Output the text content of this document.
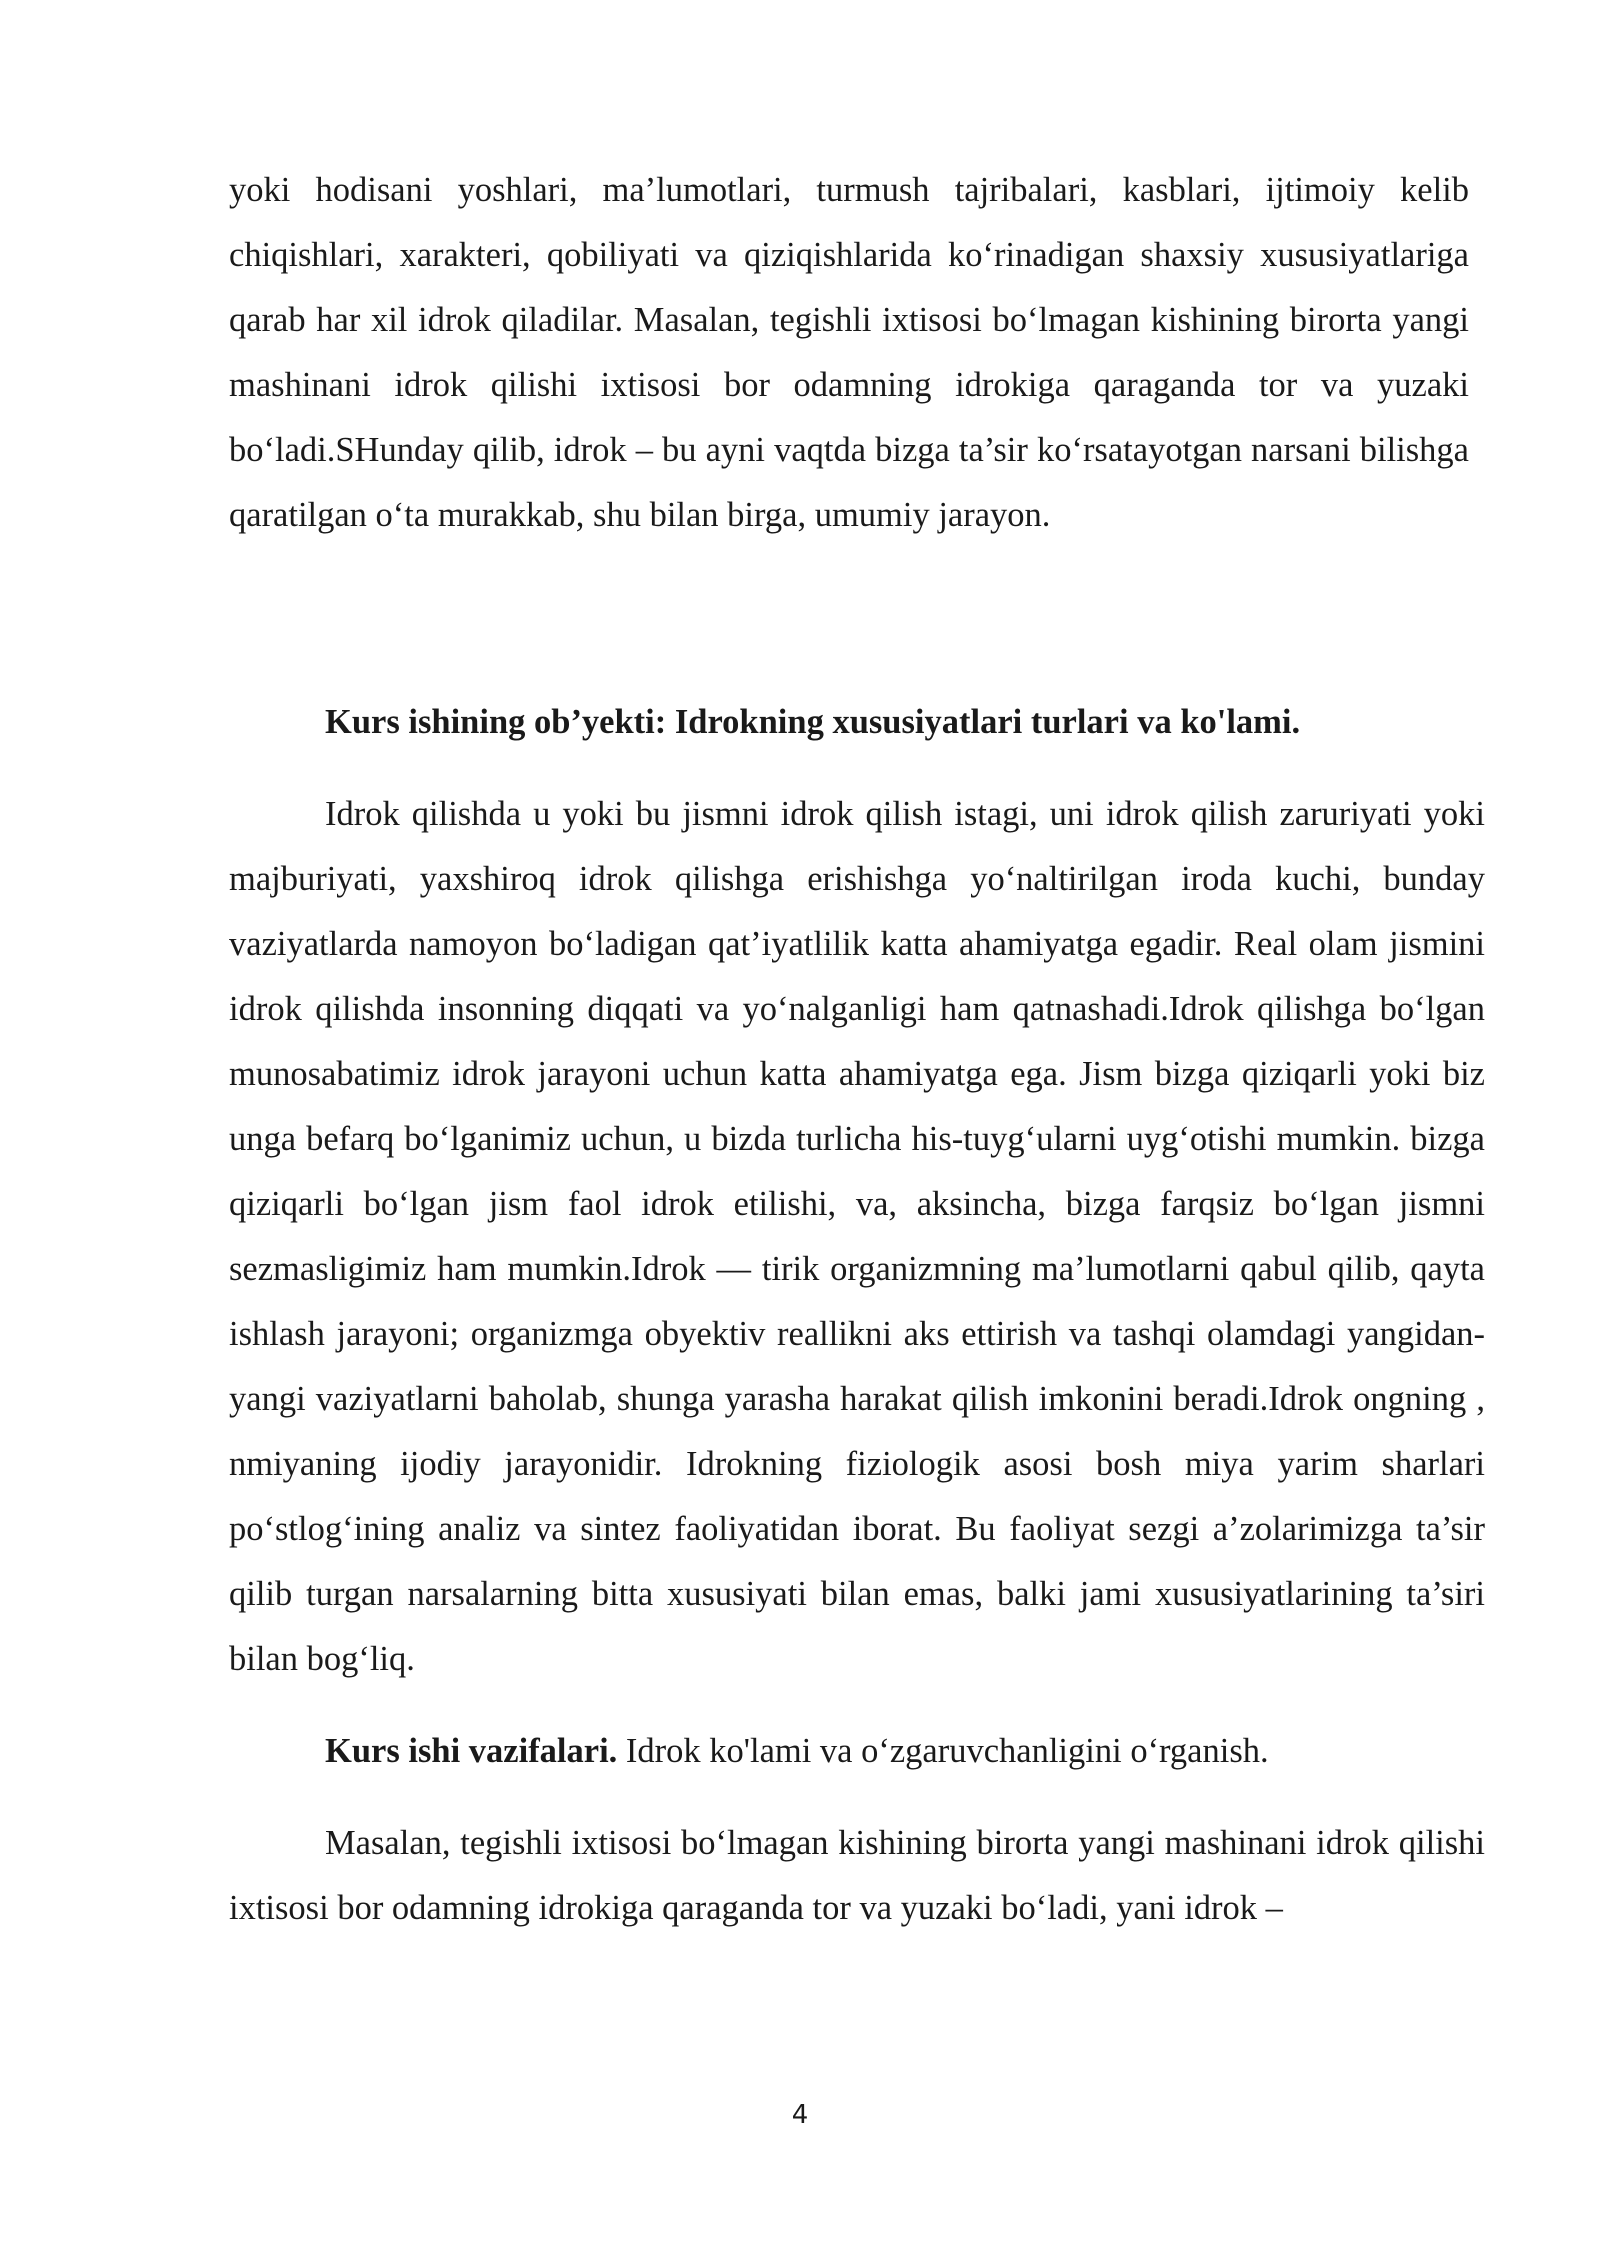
yoki hodisani yoshlari, ma’lumotlari, turmush tajribalari, kasblari, ijtimoiy kelib chiqishlari, xarakteri, qobiliyati va qiziqishlarida ko‘rinadigan shaxsiy xususiyatlariga qarab har xil idrok qiladilar. Masalan, tegishli ixtisosi bo‘lmagan kishining birorta yangi mashinani idrok qilishi ixtisosi bor odamning idrokiga qaraganda tor va yuzaki bo‘ladi.SHunday qilib, idrok – bu ayni vaqtda bizga ta’sir ko‘rsatayotgan narsani bilishga qaratilgan o‘ta murakkab, shu bilan birga, umumiy jarayon.

Kurs ishining ob’yekti: Idrokning xususiyatlari turlari va ko'lami.

Idrok qilishda u yoki bu jismni idrok qilish istagi, uni idrok qilish zaruriyati yoki majburiyati, yaxshiroq idrok qilishga erishishga yo‘naltirilgan iroda kuchi, bunday vaziyatlarda namoyon bo‘ladigan qat’iyatlilik katta ahamiyatga egadir. Real olam jismini idrok qilishda insonning diqqati va yo‘nalganligi ham qatnashadi.Idrok qilishga bo‘lgan munosabatimiz idrok jarayoni uchun katta ahamiyatga ega. Jism bizga qiziqarli yoki biz unga befarq bo‘lganimiz uchun, u bizda turlicha his-tuyg‘ularni uyg‘otishi mumkin. bizga qiziqarli bo‘lgan jism faol idrok etilishi, va, aksincha, bizga farqsiz bo‘lgan jismni sezmasligimiz ham mumkin.Idrok — tirik organizmning ma’lumotlarni qabul qilib, qayta ishlash jarayoni; organizmga obyektiv reallikni aks ettirish va tashqi olamdagi yangidan-yangi vaziyatlarni baholab, shunga yarasha harakat qilish imkonini beradi.Idrok ongning , nmiyaning ijodiy jarayonidir. Idrokning fiziologik asosi bosh miya yarim sharlari po‘stlog‘ining analiz va sintez faoliyatidan iborat. Bu faoliyat sezgi a’zolarimizga ta’sir qilib turgan narsalarning bitta xususiyati bilan emas, balki jami xususiyatlarining ta’siri bilan bog‘liq.

Kurs ishi vazifalari. Idrok ko'lami va o‘zgaruvchanligini o‘rganish.

Masalan, tegishli ixtisosi bo‘lmagan kishining birorta yangi mashinani idrok qilishi ixtisosi bor odamning idrokiga qaraganda tor va yuzaki bo‘ladi, yani idrok –

4
